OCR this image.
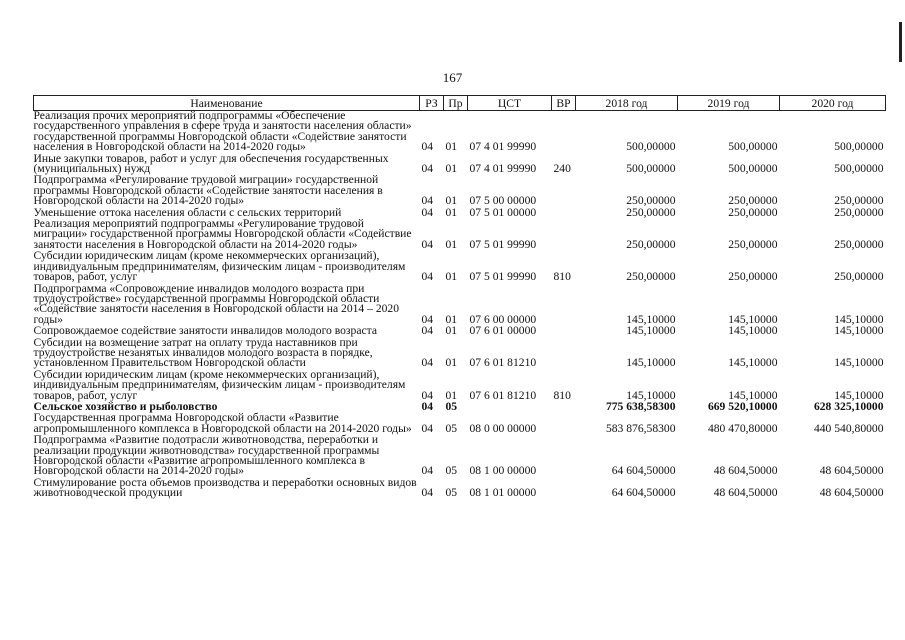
167
Наименование	РЗ	Пр	ЦСТ	ВР	2018 год	2019 год	2020 год
Реализация прочих мероприятий подпрограммы «Обеспечение государственного управления в сфере труда и занятости населения области» государственной программы Новгородской области «Содействие занятости населения в Новгородской области на 2014-2020 годы»	04	01	07 4 01 99990		500,00000	500,00000	500,00000
Иные закупки товаров, работ и услуг для обеспечения государственных (муниципальных) нужд	04	01	07 4 01 99990	240	500,00000	500,00000	500,00000
Подпрограмма «Регулирование трудовой миграции» государственной программы Новгородской области «Содействие занятости населения в Новгородской области на 2014-2020 годы»	04	01	07 5 00 00000		250,00000	250,00000	250,00000
Уменьшение оттока населения области с сельских территорий	04	01	07 5 01 00000		250,00000	250,00000	250,00000
Реализация мероприятий подпрограммы «Регулирование трудовой миграции» государственной программы Новгородской области «Содействие занятости населения в Новгородской области на 2014-2020 годы»	04	01	07 5 01 99990		250,00000	250,00000	250,00000
Субсидии юридическим лицам (кроме некоммерческих организаций), индивидуальным предпринимателям, физическим лицам - производителям товаров, работ, услуг	04	01	07 5 01 99990	810	250,00000	250,00000	250,00000
Подпрограмма «Сопровождение инвалидов молодого возраста при трудоустройстве» государственной программы Новгородской области «Содействие занятости населения в Новгородской области на 2014 – 2020 годы»	04	01	07 6 00 00000		145,10000	145,10000	145,10000
Сопровождаемое содействие занятости инвалидов молодого возраста	04	01	07 6 01 00000		145,10000	145,10000	145,10000
Субсидии на возмещение затрат на оплату труда наставников при трудоустройстве незанятых инвалидов молодого возраста в порядке, установленном Правительством Новгородской области	04	01	07 6 01 81210		145,10000	145,10000	145,10000
Субсидии юридическим лицам (кроме некоммерческих организаций), индивидуальным предпринимателям, физическим лицам - производителям товаров, работ, услуг	04	01	07 6 01 81210	810	145,10000	145,10000	145,10000
Сельское хозяйство и рыболовство	04	05			775 638,58300	669 520,10000	628 325,10000
Государственная программа Новгородской области «Развитие агропромышленного комплекса в Новгородской области на 2014-2020 годы»	04	05	08 0 00 00000		583 876,58300	480 470,80000	440 540,80000
Подпрограмма «Развитие подотрасли животноводства, переработки и реализации продукции животноводства» государственной программы Новгородской области «Развитие агропромышленного комплекса в Новгородской области на 2014-2020 годы»	04	05	08 1 00 00000		64 604,50000	48 604,50000	48 604,50000
Стимулирование роста объемов производства и переработки основных видов животноводческой продукции	04	05	08 1 01 00000		64 604,50000	48 604,50000	48 604,50000
